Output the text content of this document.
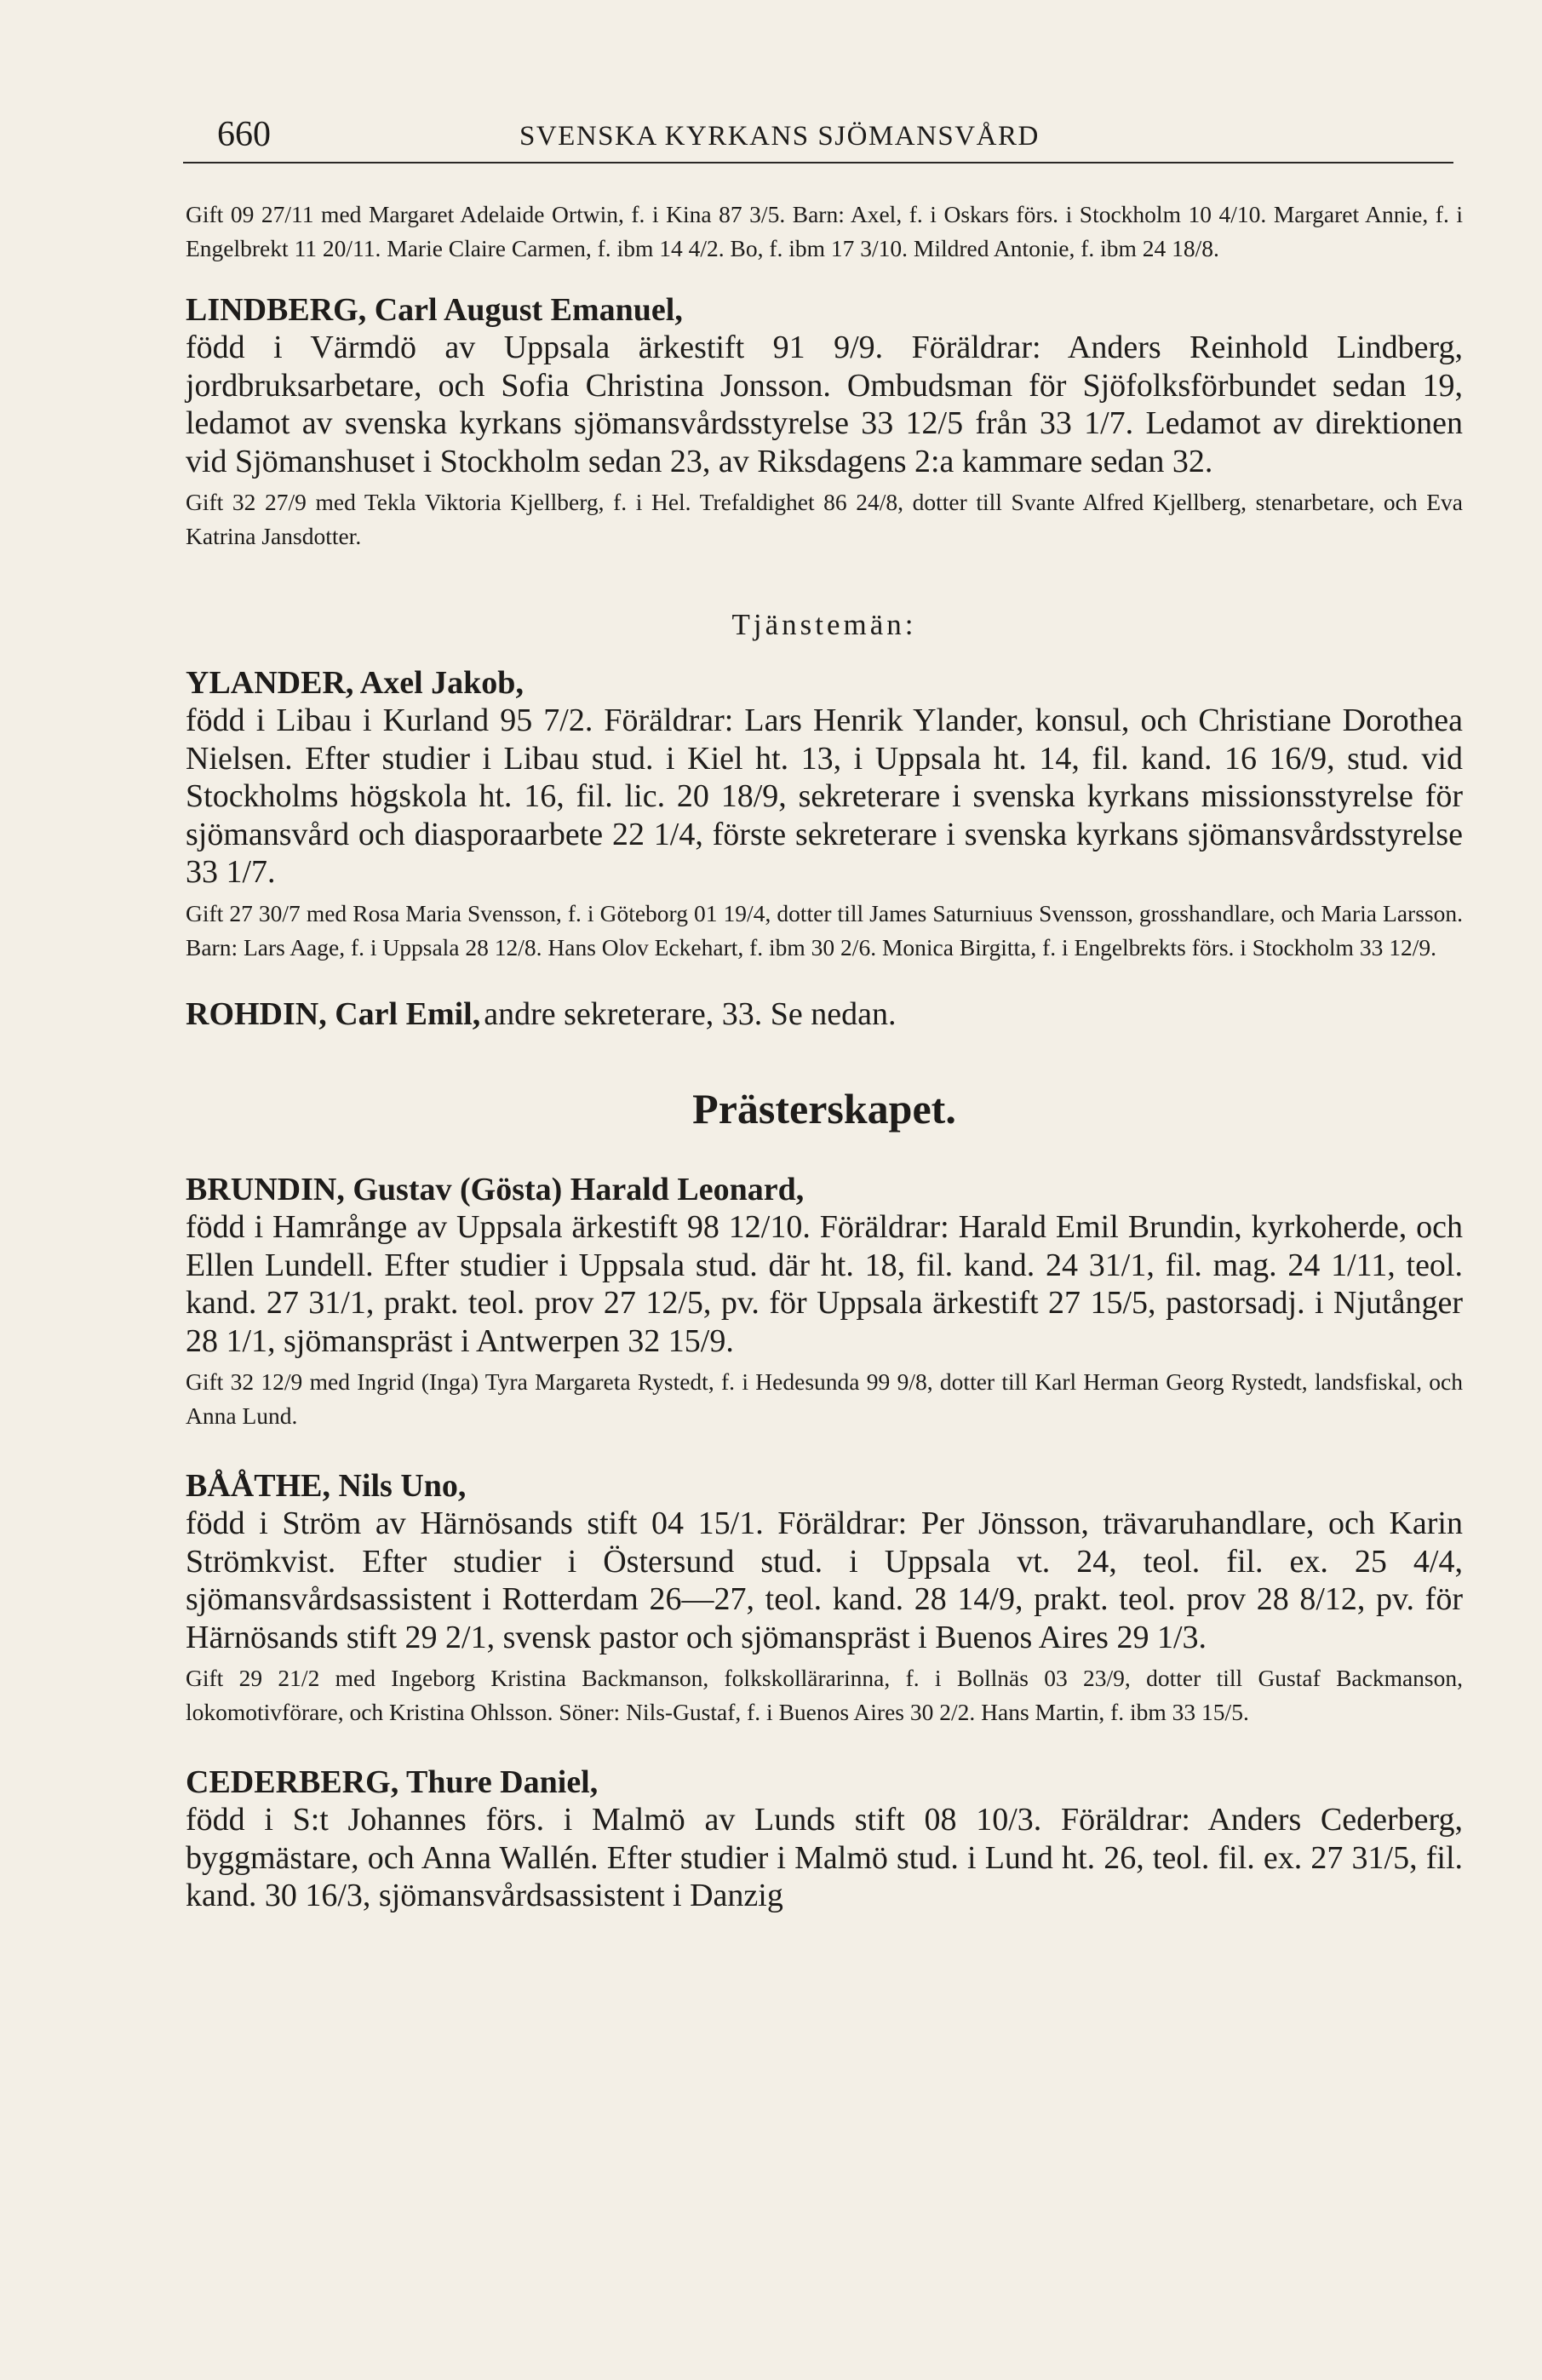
660	SVENSKA KYRKANS SJÖMANSVÅRD

Gift 09 27/11 med Margaret Adelaide Ortwin, f. i Kina 87 3/5. Barn: Axel, f. i Oskars förs. i Stockholm 10 4/10. Margaret Annie, f. i Engelbrekt 11 20/11. Marie Claire Carmen, f. ibm 14 4/2. Bo, f. ibm 17 3/10. Mildred Antonie, f. ibm 24 18/8.

LINDBERG, Carl August Emanuel,

född i Värmdö av Uppsala ärkestift 91 9/9. Föräldrar: Anders Reinhold Lindberg, jordbruksarbetare, och Sofia Christina Jonsson. Ombudsman för Sjöfolksförbundet sedan 19, ledamot av svenska kyrkans sjömansvårdsstyrelse 33 12/5 från 33 1/7. Ledamot av direktionen vid Sjömanshuset i Stockholm sedan 23, av Riksdagens 2:a kammare sedan 32.

Gift 32 27/9 med Tekla Viktoria Kjellberg, f. i Hel. Trefaldighet 86 24/8, dotter till Svante Alfred Kjellberg, stenarbetare, och Eva Katrina Jansdotter.

Tjänstemän:
YLANDER, Axel Jakob,

född i Libau i Kurland 95 7/2. Föräldrar: Lars Henrik Ylander, konsul, och Christiane Dorothea Nielsen. Efter studier i Libau stud. i Kiel ht. 13, i Uppsala ht. 14, fil. kand. 16 16/9, stud. vid Stockholms högskola ht. 16, fil. lic. 20 18/9, sekreterare i svenska kyrkans missionsstyrelse för sjömansvård och diasporaarbete 22 1/4, förste sekreterare i svenska kyrkans sjömansvårdsstyrelse 33 1/7.

Gift 27 30/7 med Rosa Maria Svensson, f. i Göteborg 01 19/4, dotter till James Saturniuus Svensson, grosshandlare, och Maria Larsson. Barn: Lars Aage, f. i Uppsala 28 12/8. Hans Olov Eckehart, f. ibm 30 2/6. Monica Birgitta, f. i Engelbrekts förs. i Stockholm 33 12/9.

ROHDIN, Carl Emil, andre sekreterare, 33. Se nedan.
Prästerskapet.
BRUNDIN, Gustav (Gösta) Harald Leonard,

född i Hamrånge av Uppsala ärkestift 98 12/10. Föräldrar: Harald Emil Brundin, kyrkoherde, och Ellen Lundell. Efter studier i Uppsala stud. där ht. 18, fil. kand. 24 31/1, fil. mag. 24 1/11, teol. kand. 27 31/1, prakt. teol. prov 27 12/5, pv. för Uppsala ärkestift 27 15/5, pastorsadj. i Njutånger 28 1/1, sjömanspräst i Antwerpen 32 15/9.

Gift 32 12/9 med Ingrid (Inga) Tyra Margareta Rystedt, f. i Hedesunda 99 9/8, dotter till Karl Herman Georg Rystedt, landsfiskal, och Anna Lund.

BÅÅTHE, Nils Uno,

född i Ström av Härnösands stift 04 15/1. Föräldrar: Per Jönsson, trävaruhandlare, och Karin Strömkvist. Efter studier i Östersund stud. i Uppsala vt. 24, teol. fil. ex. 25 4/4, sjömansvårdsassistent i Rotterdam 26—27, teol. kand. 28 14/9, prakt. teol. prov 28 8/12, pv. för Härnösands stift 29 2/1, svensk pastor och sjömanspräst i Buenos Aires 29 1/3.

Gift 29 21/2 med Ingeborg Kristina Backmanson, folkskollärarinna, f. i Bollnäs 03 23/9, dotter till Gustaf Backmanson, lokomotivförare, och Kristina Ohlsson. Söner: Nils-Gustaf, f. i Buenos Aires 30 2/2. Hans Martin, f. ibm 33 15/5.

CEDERBERG, Thure Daniel,

född i S:t Johannes förs. i Malmö av Lunds stift 08 10/3. Föräldrar: Anders Cederberg, byggmästare, och Anna Wallén. Efter studier i Malmö stud. i Lund ht. 26, teol. fil. ex. 27 31/5, fil. kand. 30 16/3, sjömansvårdsassistent i Danzig
